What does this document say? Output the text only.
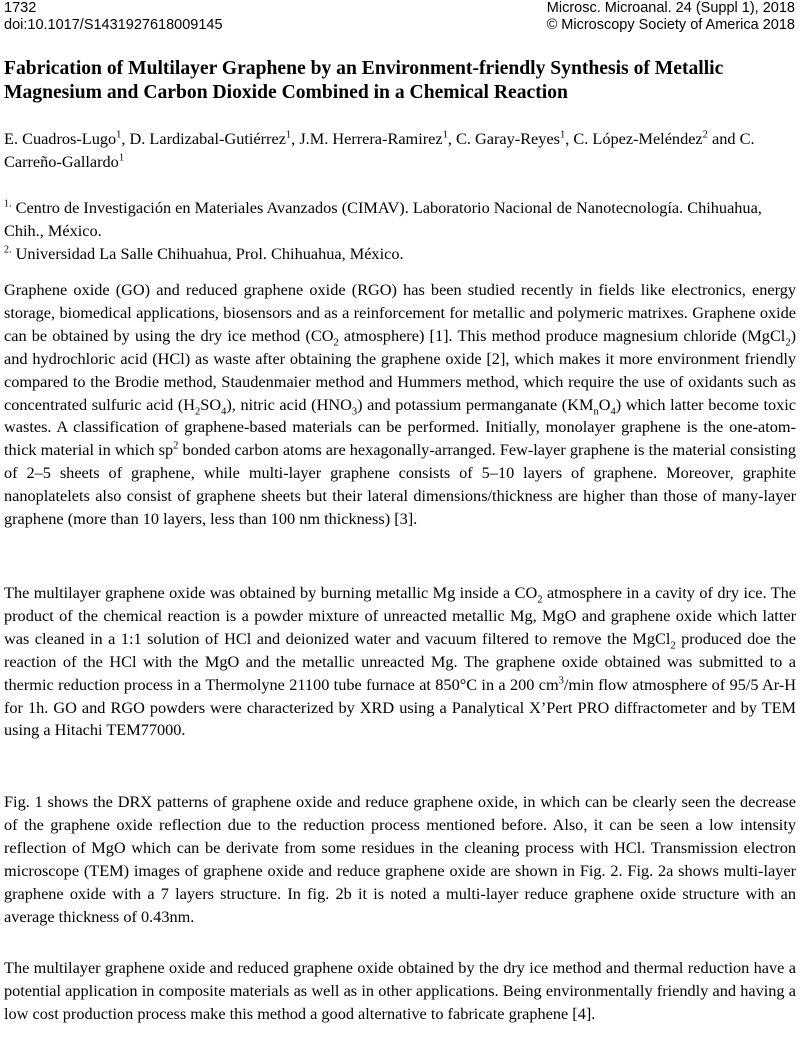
1732
doi:10.1017/S1431927618009145
Microsc. Microanal. 24 (Suppl 1), 2018
© Microscopy Society of America 2018
Fabrication of Multilayer Graphene by an Environment-friendly Synthesis of Metallic Magnesium and Carbon Dioxide Combined in a Chemical Reaction
E. Cuadros-Lugo$^1$, D. Lardizabal-Gutiérrez$^1$, J.M. Herrera-Ramirez$^1$, C. Garay-Reyes$^1$, C. López-Meléndez$^2$ and C. Carreño-Gallardo$^1$

$^{1.}$ Centro de Investigación en Materiales Avanzados (CIMAV). Laboratorio Nacional de Nanotecnología. Chihuahua, Chih., México.

$^{2.}$ Universidad La Salle Chihuahua, Prol. Chihuahua, México.

Graphene oxide (GO) and reduced graphene oxide (RGO) has been studied recently in fields like electronics, energy storage, biomedical applications, biosensors and as a reinforcement for metallic and polymeric matrixes. Graphene oxide can be obtained by using the dry ice method ($CO_2$ atmosphere) [1]. This method produce magnesium chloride (MgCl$_2$) and hydrochloric acid (HCl) as waste after obtaining the graphene oxide [2], which makes it more environment friendly compared to the Brodie method, Staudenmaier method and Hummers method, which require the use of oxidants such as concentrated sulfuric acid $(H_2SO_4)$, nitric acid $(HNO_3)$ and potassium permanganate $(KM_nO_4)$ which latter become toxic wastes. A classification of graphene-based materials can be performed. Initially, monolayer graphene is the one-atom-thick material in which $sp^2$ bonded carbon atoms are hexagonally-arranged. Few-layer graphene is the material consisting of 2–5 sheets of graphene, while multi-layer graphene consists of 5–10 layers of graphene. Moreover, graphite nanoplatelets also consist of graphene sheets but their lateral dimensions/thickness are higher than those of many-layer graphene (more than 10 layers, less than 100 nm thickness) [3].

The multilayer graphene oxide was obtained by burning metallic Mg inside a $CO_2$ atmosphere in a cavity of dry ice. The product of the chemical reaction is a powder mixture of unreacted metallic Mg, MgO and graphene oxide which latter was cleaned in a 1:1 solution of HCl and deionized water and vacuum filtered to remove the MgCl$_2$ produced doe the reaction of the HCl with the MgO and the metallic unreacted Mg. The graphene oxide obtained was submitted to a thermic reduction process in a Thermolyne 21100 tube furnace at 850°C in a 200 $cm^3/\min$ flow atmosphere of 95/5 Ar-H for 1h. GO and RGO powders were characterized by XRD using a Panalytical X’Pert PRO diffractometer and by TEM using a Hitachi TEM77000.

Fig. 1 shows the DRX patterns of graphene oxide and reduce graphene oxide, in which can be clearly seen the decrease of the graphene oxide reflection due to the reduction process mentioned before. Also, it can be seen a low intensity reflection of MgO which can be derivate from some residues in the cleaning process with HCl. Transmission electron microscope (TEM) images of graphene oxide and reduce graphene oxide are shown in Fig. 2. Fig. 2a shows multi-layer graphene oxide with a 7 layers structure. In fig. 2b it is noted a multi-layer reduce graphene oxide structure with an average thickness of 0.43nm.

The multilayer graphene oxide and reduced graphene oxide obtained by the dry ice method and thermal reduction have a potential application in composite materials as well as in other applications. Being environmentally friendly and having a low cost production process make this method a good alternative to fabricate graphene [4].
